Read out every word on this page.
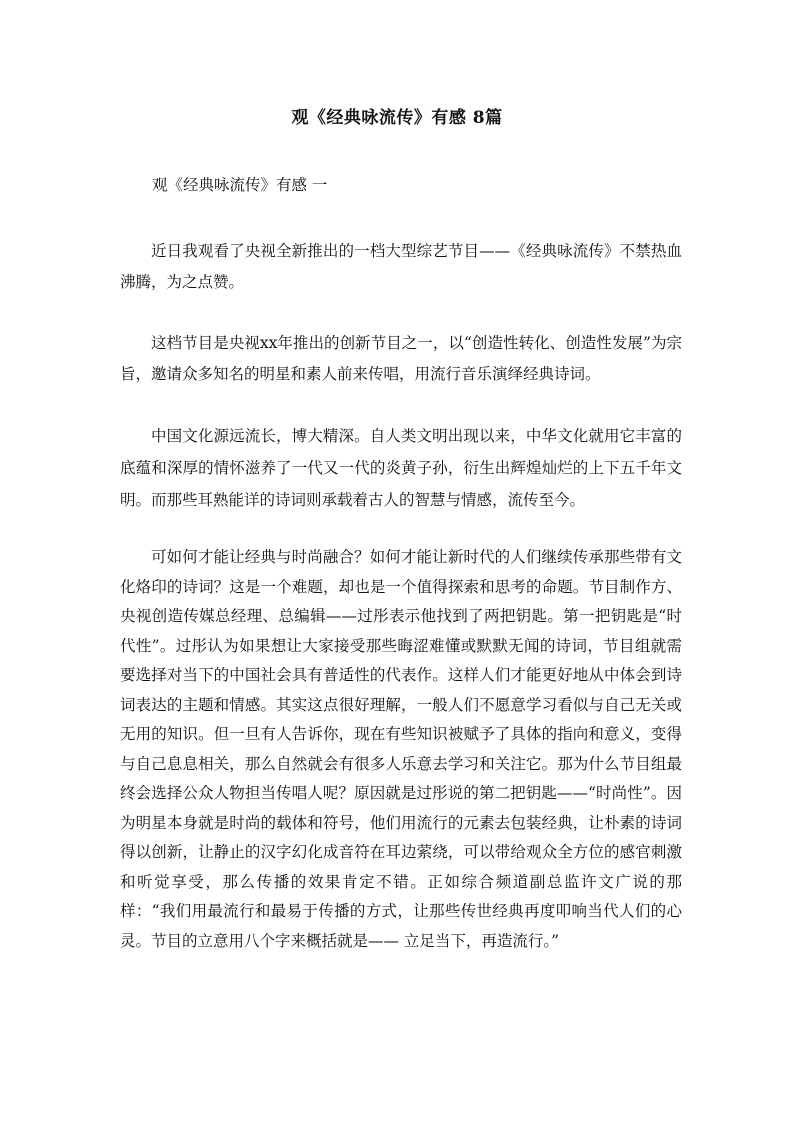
观《经典咏流传》有感 8篇
观《经典咏流传》有感 一

近日我观看了央视全新推出的一档大型综艺节目——《经典咏流传》不禁热血沸腾，为之点赞。

这档节目是央视xx年推出的创新节目之一，以“创造性转化、创造性发展”为宗旨，邀请众多知名的明星和素人前来传唱，用流行音乐演绎经典诗词。

中国文化源远流长，博大精深。自人类文明出现以来，中华文化就用它丰富的底蕴和深厚的情怀滋养了一代又一代的炎黄子孙，衍生出辉煌灿烂的上下五千年文明。而那些耳熟能详的诗词则承载着古人的智慧与情感，流传至今。

可如何才能让经典与时尚融合？如何才能让新时代的人们继续传承那些带有文化烙印的诗词？这是一个难题，却也是一个值得探索和思考的命题。节目制作方、央视创造传媒总经理、总编辑——过彤表示他找到了两把钥匙。第一把钥匙是“时代性”。过彤认为如果想让大家接受那些晦涩难懂或默默无闻的诗词，节目组就需要选择对当下的中国社会具有普适性的代表作。这样人们才能更好地从中体会到诗词表达的主题和情感。其实这点很好理解，一般人们不愿意学习看似与自己无关或无用的知识。但一旦有人告诉你，现在有些知识被赋予了具体的指向和意义，变得与自己息息相关，那么自然就会有很多人乐意去学习和关注它。那为什么节目组最终会选择公众人物担当传唱人呢？原因就是过彤说的第二把钥匙——“时尚性”。因为明星本身就是时尚的载体和符号，他们用流行的元素去包装经典，让朴素的诗词得以创新，让静止的汉字幻化成音符在耳边萦绕，可以带给观众全方位的感官刺激和听觉享受，那么传播的效果肯定不错。正如综合频道副总监许文广说的那样：“我们用最流行和最易于传播的方式，让那些传世经典再度叩响当代人们的心灵。节目的立意用八个字来概括就是—— 立足当下，再造流行。”
